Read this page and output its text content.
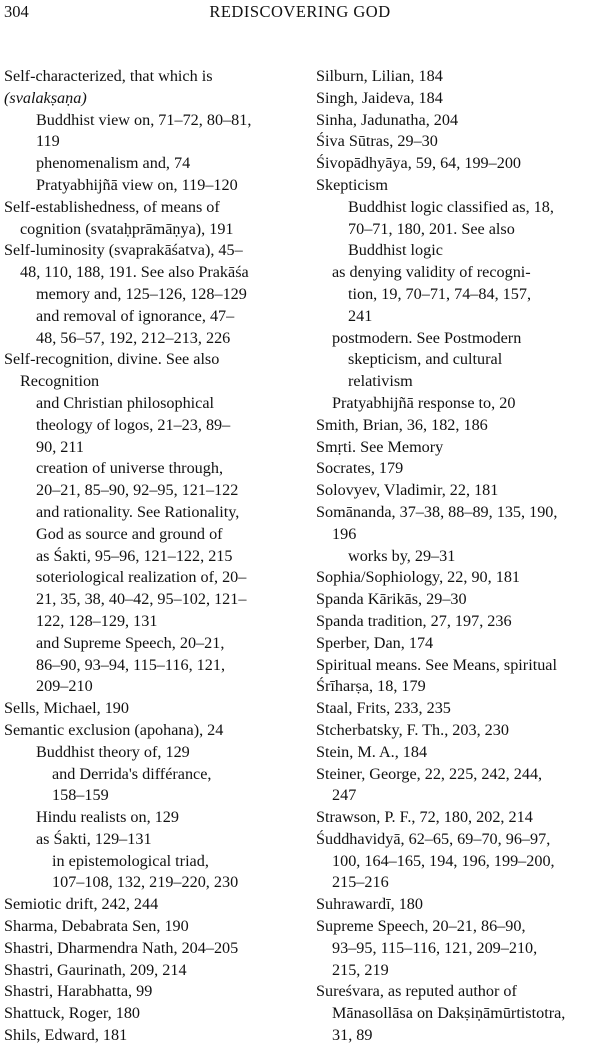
304	REDISCOVERING GOD
Self-characterized, that which is
(svalakṣaṇa)
Buddhist view on, 71–72, 80–81,
119
phenomenalism and, 74
Pratyabhijñā view on, 119–120
Self-establishedness, of means of
cognition (svataḥprāmāṇya), 191
Self-luminosity (svaprakāśatva), 45–
48, 110, 188, 191. See also Prakāśa
memory and, 125–126, 128–129
and removal of ignorance, 47–
48, 56–57, 192, 212–213, 226
Self-recognition, divine. See also
Recognition
and Christian philosophical
theology of logos, 21–23, 89–
90, 211
creation of universe through,
20–21, 85–90, 92–95, 121–122
and rationality. See Rationality,
God as source and ground of
as Śakti, 95–96, 121–122, 215
soteriological realization of, 20–
21, 35, 38, 40–42, 95–102, 121–
122, 128–129, 131
and Supreme Speech, 20–21,
86–90, 93–94, 115–116, 121,
209–210
Sells, Michael, 190
Semantic exclusion (apohana), 24
Buddhist theory of, 129
and Derrida's différance,
158–159
Hindu realists on, 129
as Śakti, 129–131
in epistemological triad,
107–108, 132, 219–220, 230
Semiotic drift, 242, 244
Sharma, Debabrata Sen, 190
Shastri, Dharmendra Nath, 204–205
Shastri, Gaurinath, 209, 214
Shastri, Harabhatta, 99
Shattuck, Roger, 180
Shils, Edward, 181
Silburn, Lilian, 184
Singh, Jaideva, 184
Sinha, Jadunatha, 204
Śiva Sūtras, 29–30
Śivopādhyāya, 59, 64, 199–200
Skepticism
Buddhist logic classified as, 18,
70–71, 180, 201. See also
Buddhist logic
as denying validity of recogni-
tion, 19, 70–71, 74–84, 157,
241
postmodern. See Postmodern
skepticism, and cultural
relativism
Pratyabhijñā response to, 20
Smith, Brian, 36, 182, 186
Smṛti. See Memory
Socrates, 179
Solovyev, Vladimir, 22, 181
Somānanda, 37–38, 88–89, 135, 190,
196
works by, 29–31
Sophia/Sophiology, 22, 90, 181
Spanda Kārikās, 29–30
Spanda tradition, 27, 197, 236
Sperber, Dan, 174
Spiritual means. See Means, spiritual
Śrīharṣa, 18, 179
Staal, Frits, 233, 235
Stcherbatsky, F. Th., 203, 230
Stein, M. A., 184
Steiner, George, 22, 225, 242, 244,
247
Strawson, P. F., 72, 180, 202, 214
Śuddhavidyā, 62–65, 69–70, 96–97,
100, 164–165, 194, 196, 199–200,
215–216
Suhrawardī, 180
Supreme Speech, 20–21, 86–90,
93–95, 115–116, 121, 209–210,
215, 219
Sureśvara, as reputed author of
Mānasollāsa on Dakṣiṇāmūrtistotra,
31, 89
